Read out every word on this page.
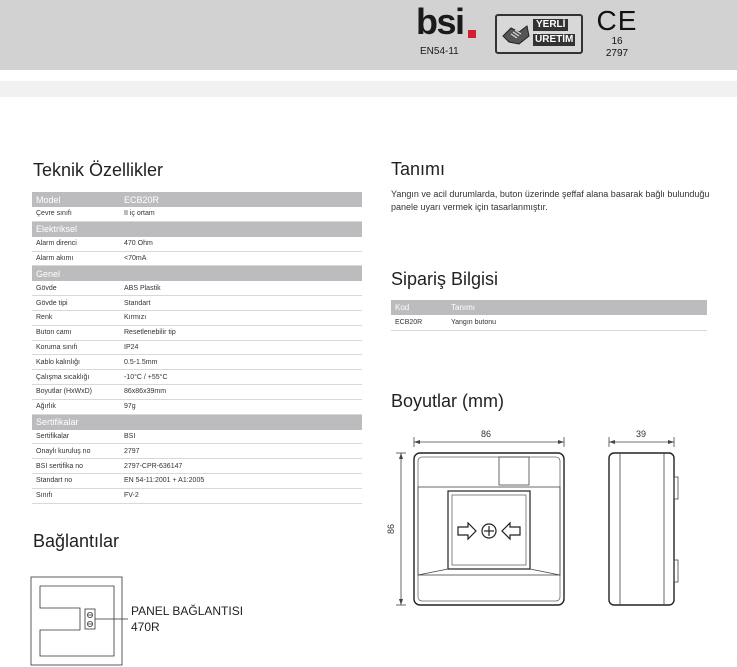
bsi
EN54-11
YERLİ
ÜRETİM
CE
16
2797
Teknik Özellikler
Model	ECB20R
Çevre sınıfı	II iç ortam
Elektriksel	
Alarm direnci	470 Ohm
Alarm akımı	<70mA
Genel	
Gövde	ABS Plastik
Gövde tipi	Standart
Renk	Kırmızı
Buton camı	Resetlenebilir tip
Koruma sınıfı	IP24
Kablo kalınlığı	0.5-1.5mm
Çalışma sıcaklığı	-10°C / +55°C
Boyutlar (HxWxD)	86x86x39mm
Ağırlık	97g
Sertifikalar	
Sertifikalar	BSI
Onaylı kuruluş no	2797
BSI sertifika no	2797-CPR-636147
Standart no	EN 54-11:2001 + A1:2005
Sınıfı	FV-2
Tanımı
Yangın ve acil durumlarda, buton üzerinde şeffaf alana basarak bağlı bulunduğu panele uyarı vermek için tasarlanmıştır.
Sipariş Bilgisi
Kod	Tanımı
ECB20R	Yangın butonu
Boyutlar (mm)
86	39
86
Bağlantılar
PANEL BAĞLANTISI
470R
